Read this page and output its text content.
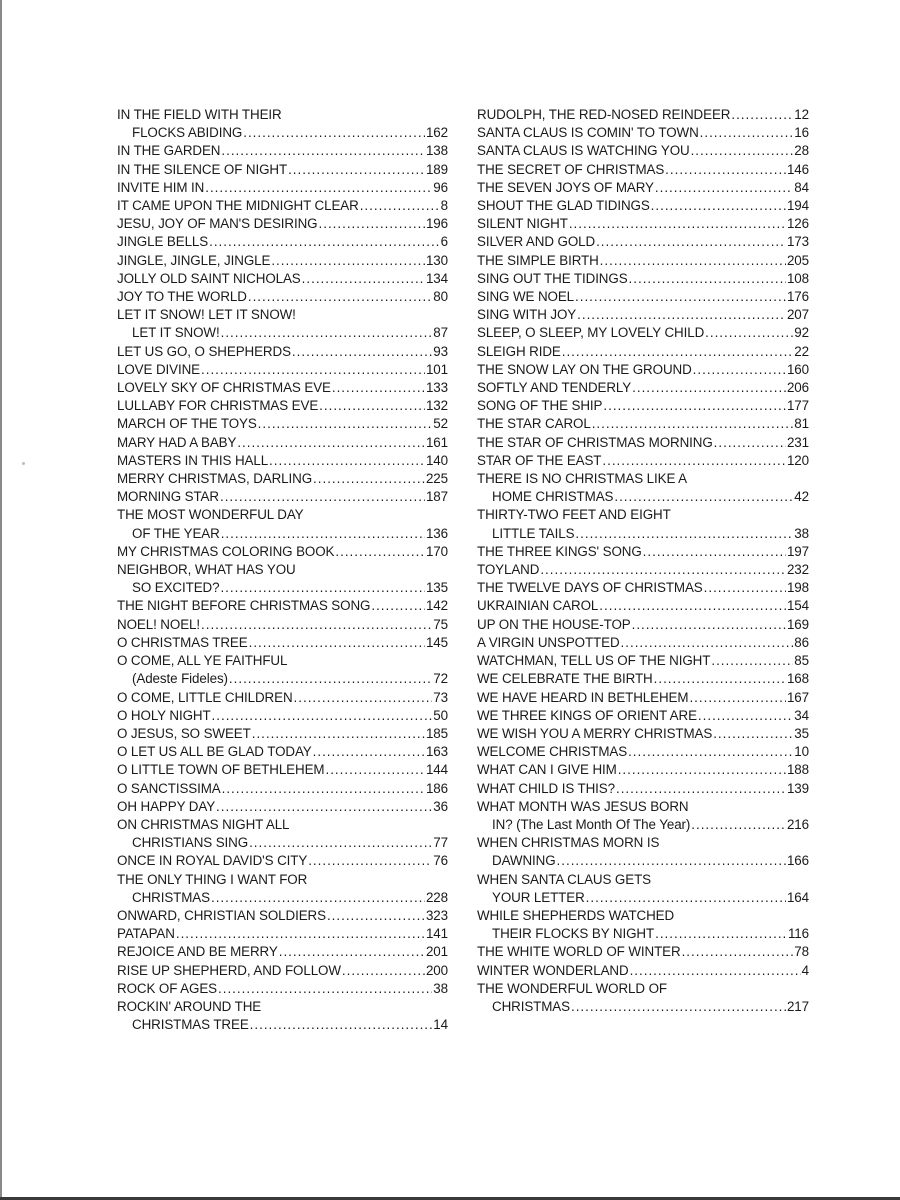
IN THE FIELD WITH THEIR
FLOCKS ABIDING .....	162
IN THE GARDEN .....	138
IN THE SILENCE OF NIGHT .....	189
INVITE HIM IN .....	96
IT CAME UPON THE MIDNIGHT CLEAR .....	8
JESU, JOY OF MAN'S DESIRING .....	196
JINGLE BELLS .....	6
JINGLE, JINGLE, JINGLE .....	130
JOLLY OLD SAINT NICHOLAS .....	134
JOY TO THE WORLD .....	80
LET IT SNOW! LET IT SNOW!
LET IT SNOW! .....	87
LET US GO, O SHEPHERDS .....	93
LOVE DIVINE .....	101
LOVELY SKY OF CHRISTMAS EVE .....	133
LULLABY FOR CHRISTMAS EVE .....	132
MARCH OF THE TOYS .....	52
MARY HAD A BABY .....	161
MASTERS IN THIS HALL .....	140
MERRY CHRISTMAS, DARLING .....	225
MORNING STAR .....	187
THE MOST WONDERFUL DAY
OF THE YEAR .....	136
MY CHRISTMAS COLORING BOOK .....	170
NEIGHBOR, WHAT HAS YOU
SO EXCITED? .....	135
THE NIGHT BEFORE CHRISTMAS SONG .....	142
NOEL! NOEL! .....	75
O CHRISTMAS TREE .....	145
O COME, ALL YE FAITHFUL
(Adeste Fideles) .....	72
O COME, LITTLE CHILDREN .....	73
O HOLY NIGHT .....	50
O JESUS, SO SWEET .....	185
O LET US ALL BE GLAD TODAY .....	163
O LITTLE TOWN OF BETHLEHEM .....	144
O SANCTISSIMA .....	186
OH HAPPY DAY .....	36
ON CHRISTMAS NIGHT ALL
CHRISTIANS SING .....	77
ONCE IN ROYAL DAVID'S CITY .....	76
THE ONLY THING I WANT FOR
CHRISTMAS .....	228
ONWARD, CHRISTIAN SOLDIERS .....	323
PATAPAN .....	141
REJOICE AND BE MERRY .....	201
RISE UP SHEPHERD, AND FOLLOW .....	200
ROCK OF AGES .....	38
ROCKIN' AROUND THE
CHRISTMAS TREE .....	14
RUDOLPH, THE RED-NOSED REINDEER .....	12
SANTA CLAUS IS COMIN' TO TOWN .....	16
SANTA CLAUS IS WATCHING YOU .....	28
THE SECRET OF CHRISTMAS .....	146
THE SEVEN JOYS OF MARY .....	84
SHOUT THE GLAD TIDINGS .....	194
SILENT NIGHT .....	126
SILVER AND GOLD .....	173
THE SIMPLE BIRTH .....	205
SING OUT THE TIDINGS .....	108
SING WE NOEL .....	176
SING WITH JOY .....	207
SLEEP, O SLEEP, MY LOVELY CHILD .....	92
SLEIGH RIDE .....	22
THE SNOW LAY ON THE GROUND .....	160
SOFTLY AND TENDERLY .....	206
SONG OF THE SHIP .....	177
THE STAR CAROL .....	81
THE STAR OF CHRISTMAS MORNING .....	231
STAR OF THE EAST .....	120
THERE IS NO CHRISTMAS LIKE A
HOME CHRISTMAS .....	42
THIRTY-TWO FEET AND EIGHT
LITTLE TAILS .....	38
THE THREE KINGS' SONG .....	197
TOYLAND .....	232
THE TWELVE DAYS OF CHRISTMAS .....	198
UKRAINIAN CAROL .....	154
UP ON THE HOUSE-TOP .....	169
A VIRGIN UNSPOTTED .....	86
WATCHMAN, TELL US OF THE NIGHT .....	85
WE CELEBRATE THE BIRTH .....	168
WE HAVE HEARD IN BETHLEHEM .....	167
WE THREE KINGS OF ORIENT ARE .....	34
WE WISH YOU A MERRY CHRISTMAS .....	35
WELCOME CHRISTMAS .....	10
WHAT CAN I GIVE HIM .....	188
WHAT CHILD IS THIS? .....	139
WHAT MONTH WAS JESUS BORN
IN? (The Last Month Of The Year) .....	216
WHEN CHRISTMAS MORN IS
DAWNING .....	166
WHEN SANTA CLAUS GETS
YOUR LETTER .....	164
WHILE SHEPHERDS WATCHED
THEIR FLOCKS BY NIGHT .....	116
THE WHITE WORLD OF WINTER .....	78
WINTER WONDERLAND .....	4
THE WONDERFUL WORLD OF
CHRISTMAS .....	217
